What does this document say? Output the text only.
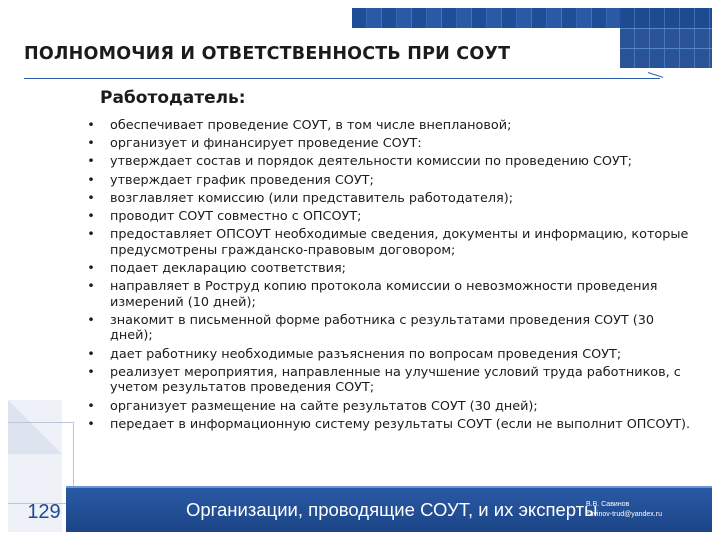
ПОЛНОМОЧИЯ И ОТВЕТСТВЕННОСТЬ ПРИ СОУТ
Работодатель:
• обеспечивает проведение СОУТ, в том числе внеплановой;
• организует и финансирует проведение СОУТ:
• утверждает состав и порядок деятельности комиссии по проведению СОУТ;
• утверждает график проведения СОУТ;
• возглавляет комиссию (или представитель работодателя);
• проводит СОУТ совместно с ОПСОУТ;
• предоставляет ОПСОУТ необходимые сведения, документы и информацию, которые предусмотрены гражданско-правовым договором;
• подает декларацию соответствия;
• направляет в Роструд копию протокола комиссии о невозможности проведения измерений (10 дней);
• знакомит в письменной форме работника с результатами проведения СОУТ (30 дней);
• дает работнику необходимые разъяснения по вопросам проведения СОУТ;
• реализует мероприятия, направленные на улучшение условий труда работников, с учетом результатов проведения СОУТ;
• организует размещение на сайте результатов СОУТ (30 дней);
• передает в информационную систему результаты СОУТ (если не выполнит ОПСОУТ).
Организации, проводящие СОУТ, и их эксперты
В.В. Савинов
savinov-trud@yandex.ru
129
